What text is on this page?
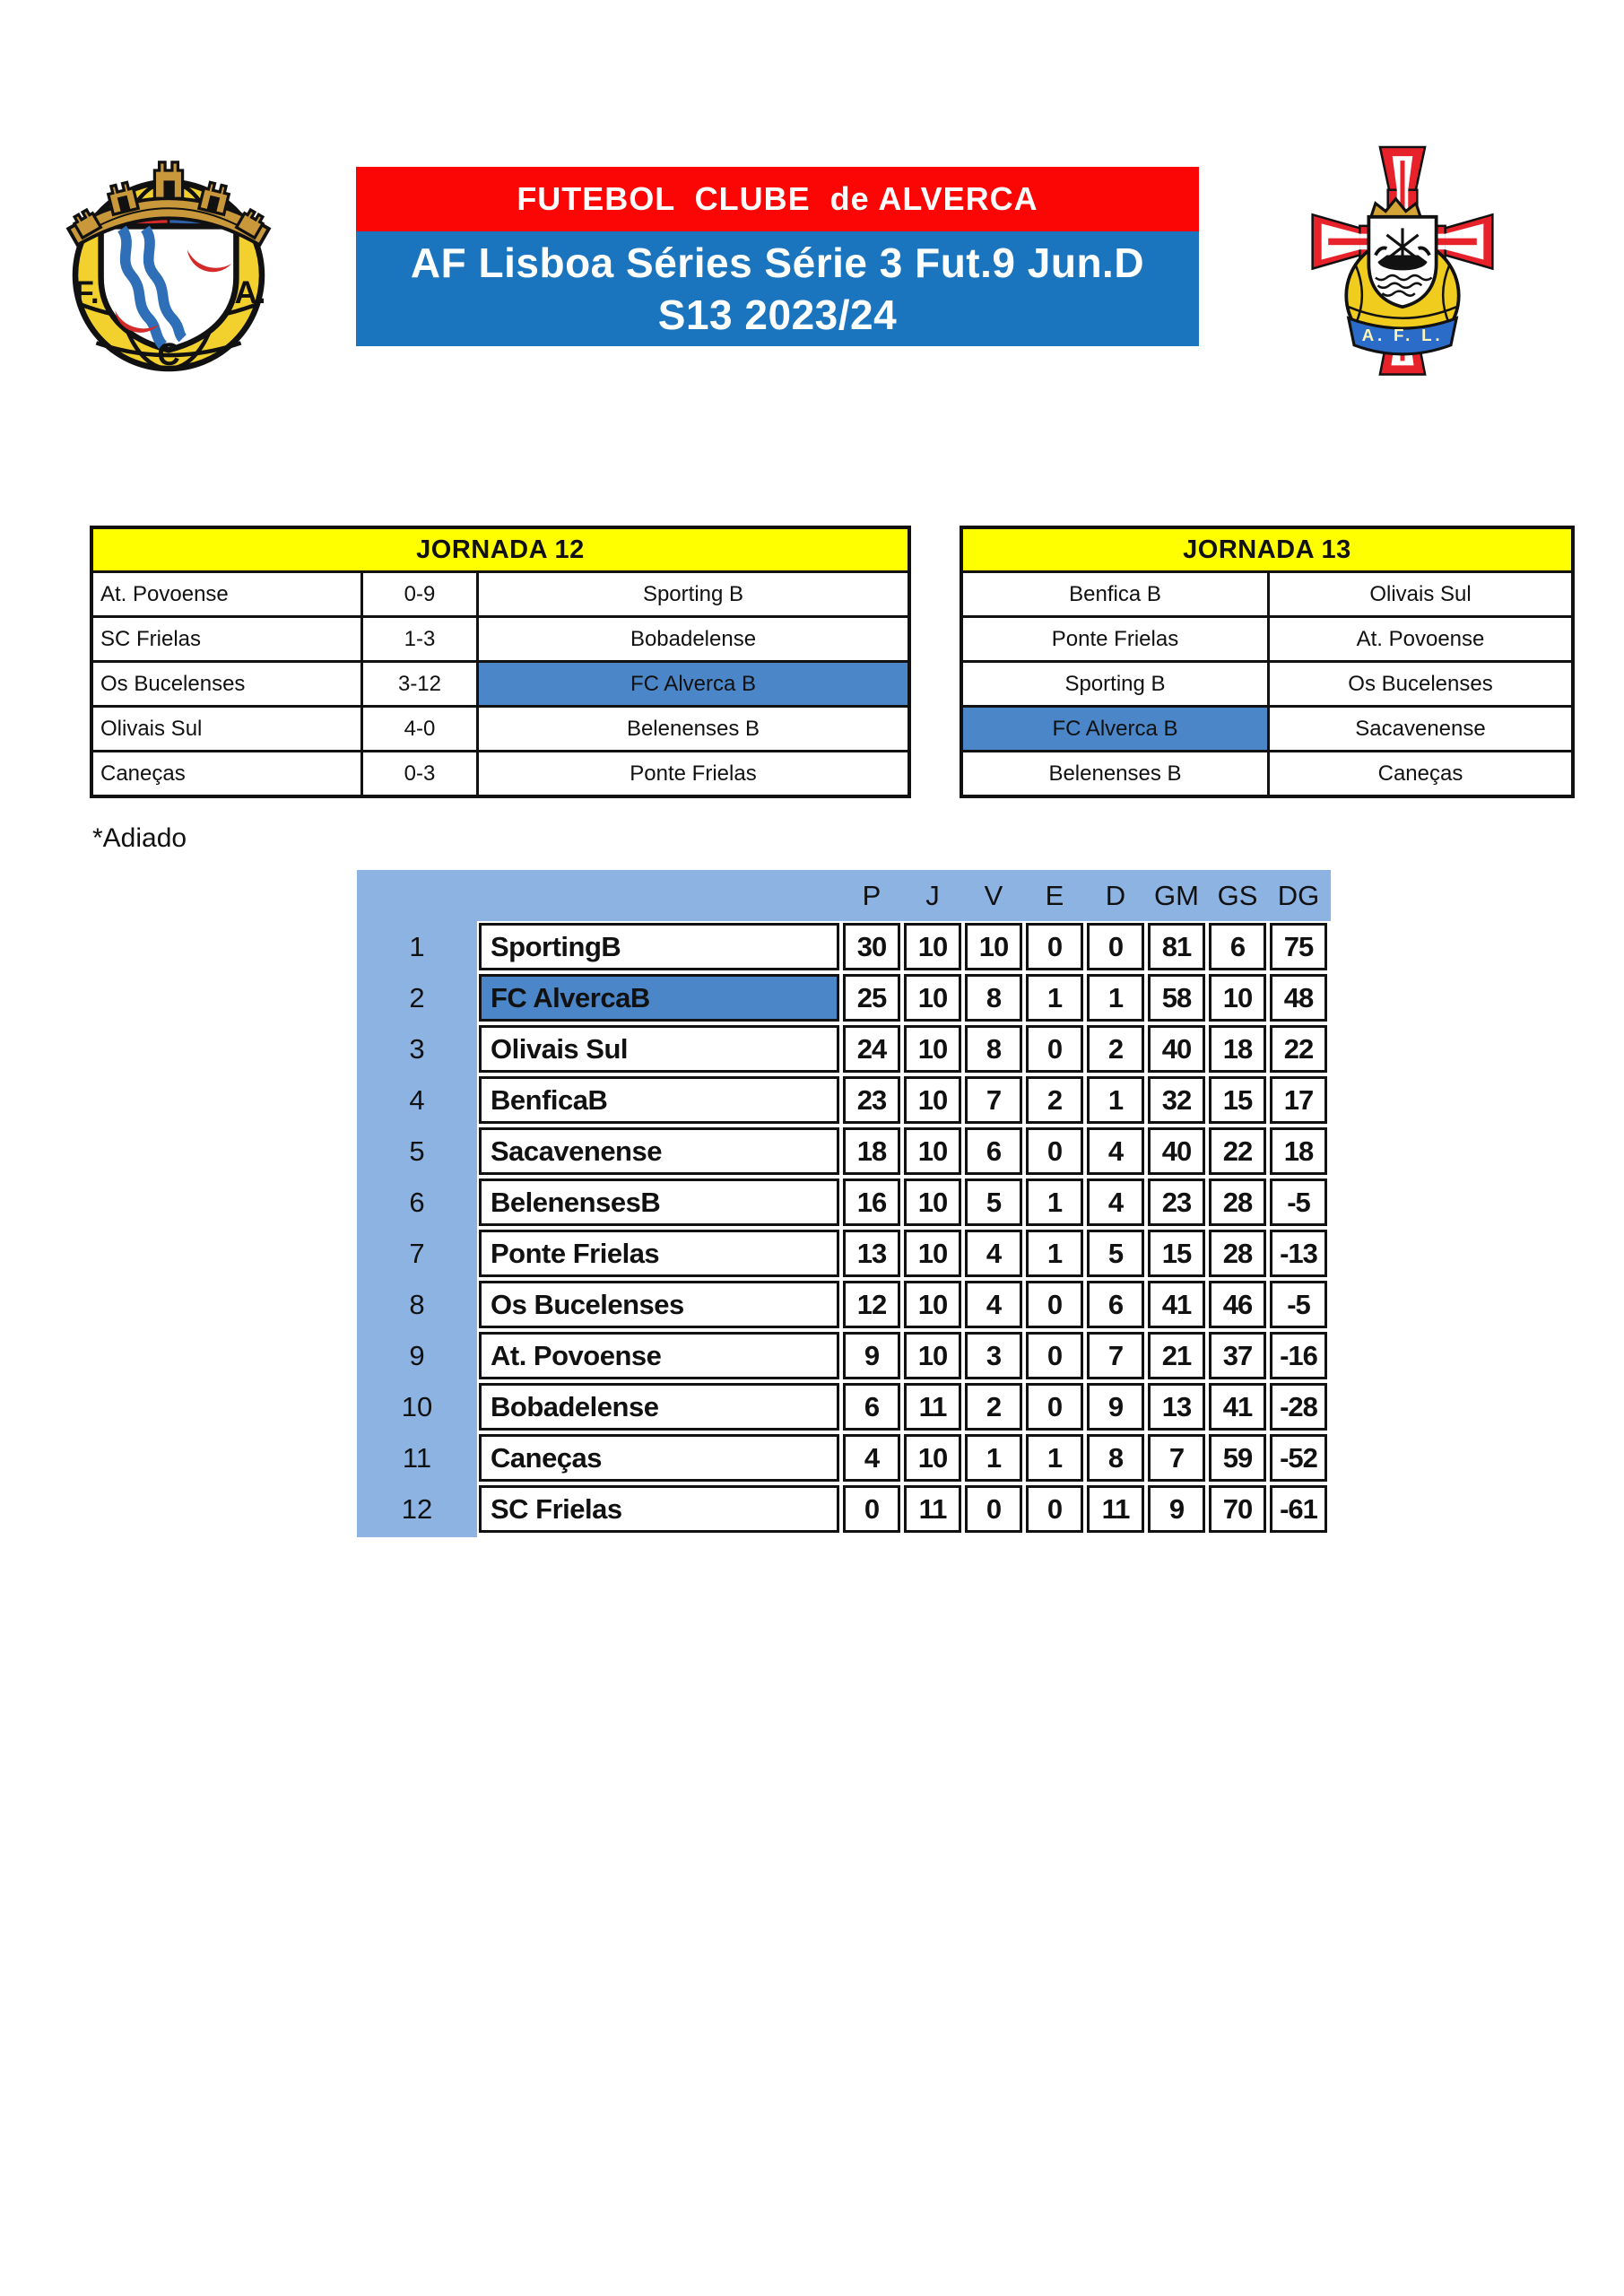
F.	A.
C
FUTEBOL  CLUBE  de ALVERCA
AF Lisboa Séries Série 3 Fut.9 Jun.D
S13 2023/24	A. F. L.
JORNADA 12
At. Povoense	0-9	Sporting B
SC Frielas	1-3	Bobadelense
Os Bucelenses	3-12	FC Alverca B
Olivais Sul	4-0	Belenenses B
Caneças	0-3	Ponte Frielas
JORNADA 13
Benfica B	Olivais Sul
Ponte Frielas	At. Povoense
Sporting B	Os Bucelenses
FC Alverca B	Sacavenense
Belenenses B	Caneças
*Adiado
P	J	V	E	D	GM GS DG
1	SportingB	30	10	10	0	0	81	6	75
2	FC AlvercaB	25	10	8	1	1	58	10	48
3	Olivais Sul	24	10	8	0	2	40	18	22
4	BenficaB	23	10	7	2	1	32	15	17
5	Sacavenense	18	10	6	0	4	40	22	18
6	BelenensesB	16	10	5	1	4	23	28	-5
7	Ponte Frielas	13	10	4	1	5	15	28 -13
8	Os Bucelenses	12	10	4	0	6	41	46	-5
9	At. Povoense	9	10	3	0	7	21	37 -16
10	Bobadelense	6	11	2	0	9	13	41 -28
11	Caneças	4	10	1	1	8	7	59 -52
12	SC Frielas	0	11	0	0	11	9	70 -61
